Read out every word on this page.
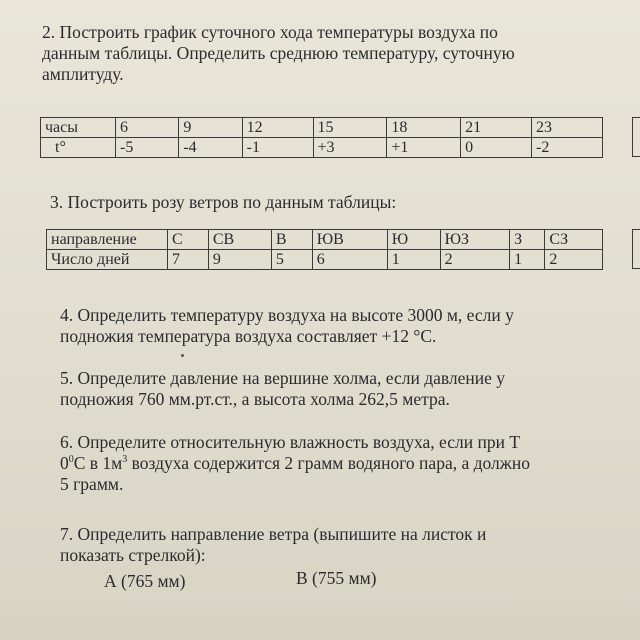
2. Построить график суточного хода температуры воздуха по
данным таблицы. Определить среднюю температуру, суточную
амплитуду.
часы	6	9	12	15	18	21	23
t°	-5	-4	-1	+3	+1	0	-2
3. Построить розу ветров по данным таблицы:
направление	С	СВ	В	ЮВ	Ю	ЮЗ	З	СЗ
Число дней	7	9	5	6	1	2	1	2
4. Определить температуру воздуха на высоте 3000 м, если у
подножия температура воздуха составляет +12 °С.
5. Определите давление на вершине холма, если давление у
подножия 760 мм.рт.ст., а высота холма 262,5 метра.
6. Определите относительную влажность воздуха, если при Т
$0^0С$ в $1м^3$ воздуха содержится 2 грамм водяного пара, а должно
5 грамм.
7. Определить направление ветра (выпишите на листок и
показать стрелкой):
А (765 мм)	В (755 мм)
